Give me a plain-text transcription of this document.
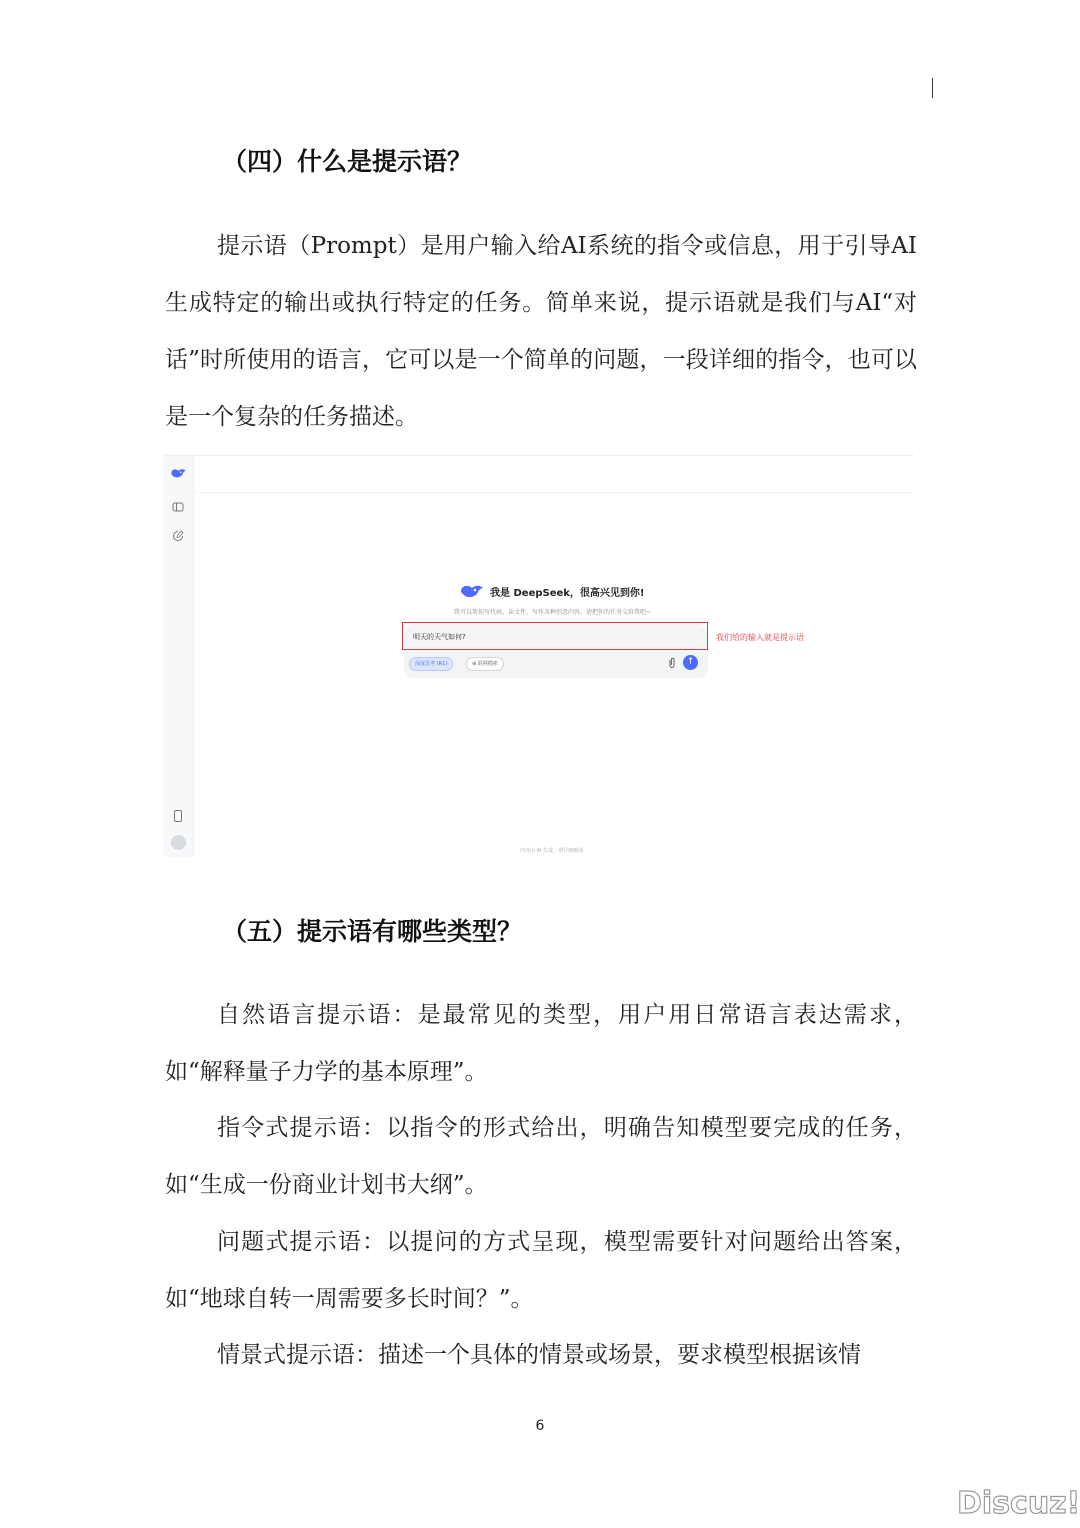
（四）什么是提示语？

提示语（Prompt）是用户输入给AI系统的指令或信息，用于引导AI生成特定的输出或执行特定的任务。简单来说，提示语就是我们与AI“对话”时所使用的语言，它可以是一个简单的问题，一段详细的指令，也可以是一个复杂的任务描述。

我是 DeepSeek，很高兴见到你!
我可以帮你写代码、读文件、写作各种创意内容，请把你的任务交给我吧~
明天的天气如何?	我们给的输入就是提示语
深度思考 (R1)	⊕ 联网搜索	↑
内容由 AI 生成，请仔细甄别
（五）提示语有哪些类型？

自然语言提示语：是最常见的类型，用户用日常语言表达需求，如“解释量子力学的基本原理”。

指令式提示语：以指令的形式给出，明确告知模型要完成的任务，如“生成一份商业计划书大纲”。

问题式提示语：以提问的方式呈现，模型需要针对问题给出答案，如“地球自转一周需要多长时间？”。

情景式提示语：描述一个具体的情景或场景，要求模型根据该情

6
Discuz!
